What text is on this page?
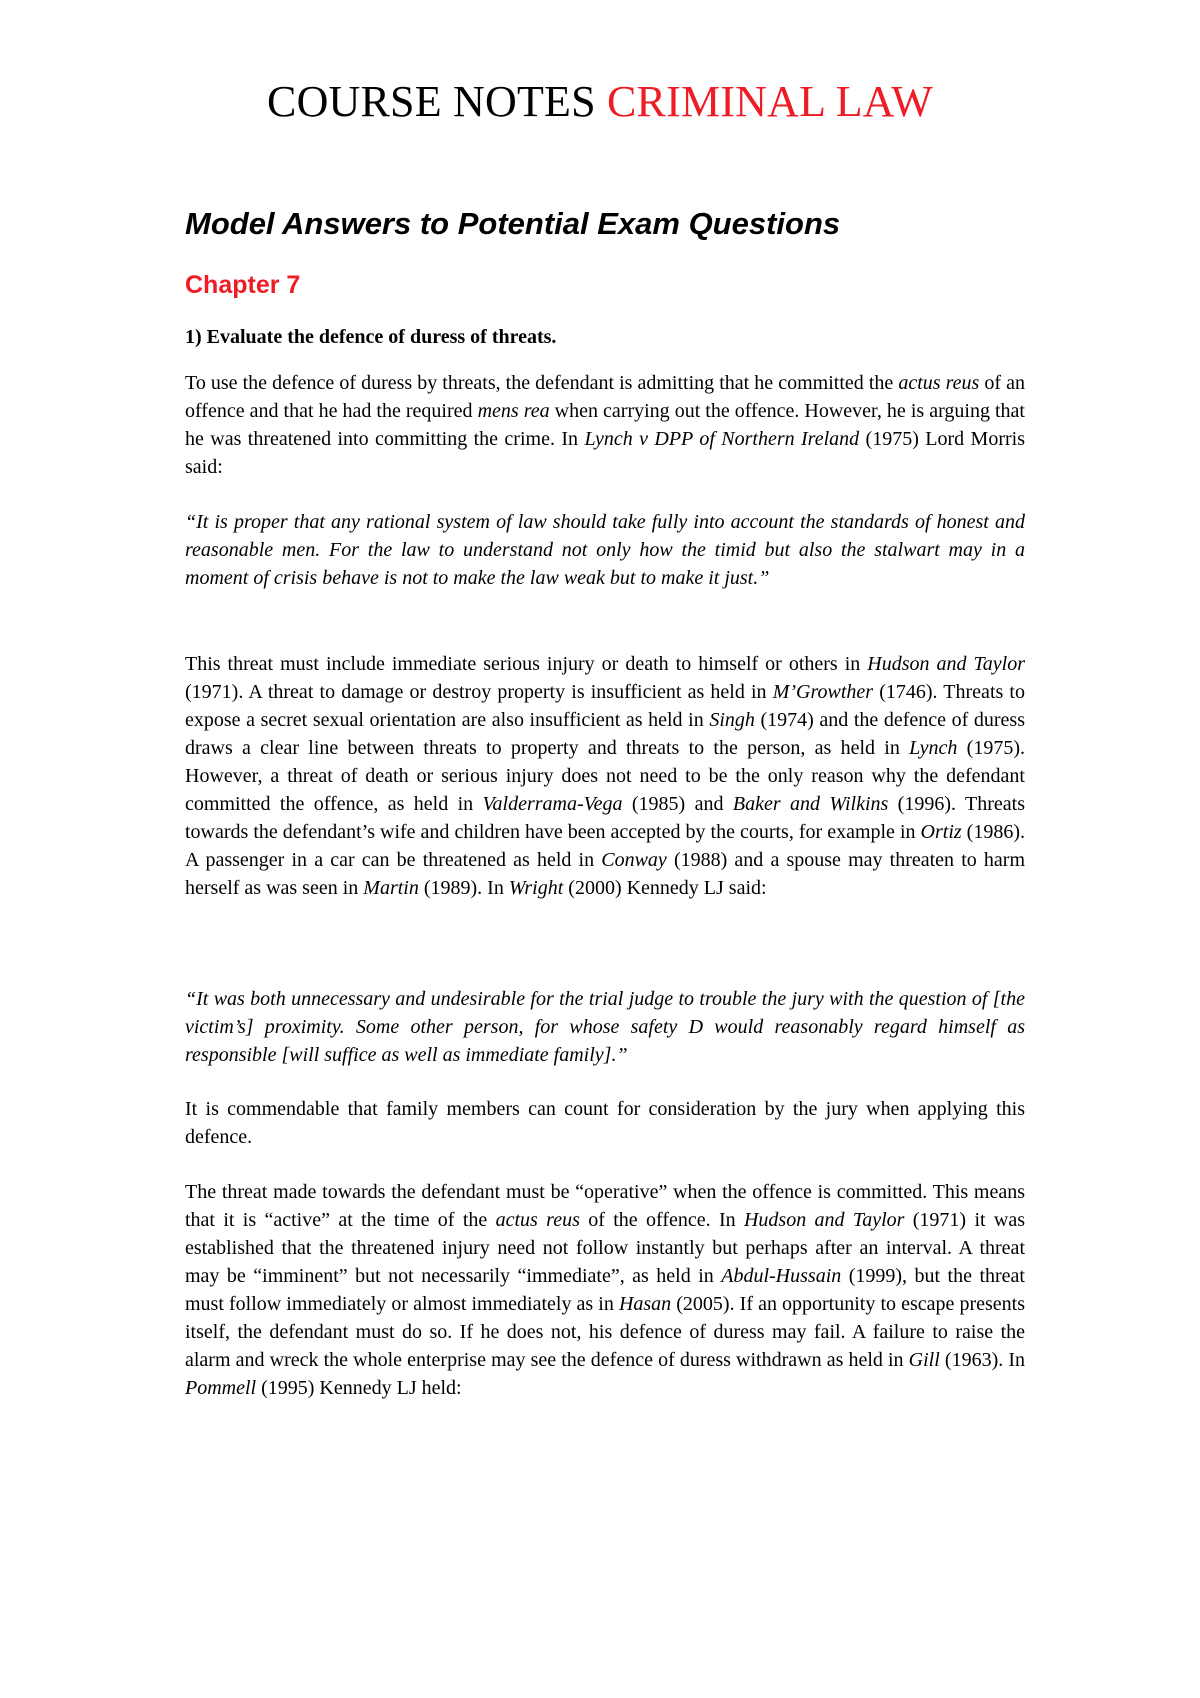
COURSE NOTES CRIMINAL LAW
Model Answers to Potential Exam Questions
Chapter 7
1) Evaluate the defence of duress of threats.

To use the defence of duress by threats, the defendant is admitting that he committed the actus reus of an offence and that he had the required mens rea when carrying out the offence. However, he is arguing that he was threatened into committing the crime. In Lynch v DPP of Northern Ireland (1975) Lord Morris said:

“It is proper that any rational system of law should take fully into account the standards of honest and reasonable men. For the law to understand not only how the timid but also the stalwart may in a moment of crisis behave is not to make the law weak but to make it just.”

This threat must include immediate serious injury or death to himself or others in Hudson and Taylor (1971). A threat to damage or destroy property is insufficient as held in M’Growther (1746). Threats to expose a secret sexual orientation are also insufficient as held in Singh (1974) and the defence of duress draws a clear line between threats to property and threats to the person, as held in Lynch (1975). However, a threat of death or serious injury does not need to be the only reason why the defendant committed the offence, as held in Valderrama-Vega (1985) and Baker and Wilkins (1996). Threats towards the defendant’s wife and children have been accepted by the courts, for example in Ortiz (1986). A passenger in a car can be threatened as held in Conway (1988) and a spouse may threaten to harm herself as was seen in Martin (1989). In Wright (2000) Kennedy LJ said:

“It was both unnecessary and undesirable for the trial judge to trouble the jury with the question of [the victim’s] proximity. Some other person, for whose safety D would reasonably regard himself as responsible [will suffice as well as immediate family].”

It is commendable that family members can count for consideration by the jury when applying this defence.

The threat made towards the defendant must be “operative” when the offence is committed. This means that it is “active” at the time of the actus reus of the offence. In Hudson and Taylor (1971) it was established that the threatened injury need not follow instantly but perhaps after an interval. A threat may be “imminent” but not necessarily “immediate”, as held in Abdul-Hussain (1999), but the threat must follow immediately or almost immediately as in Hasan (2005). If an opportunity to escape presents itself, the defendant must do so. If he does not, his defence of duress may fail. A failure to raise the alarm and wreck the whole enterprise may see the defence of duress withdrawn as held in Gill (1963). In Pommell (1995) Kennedy LJ held:
